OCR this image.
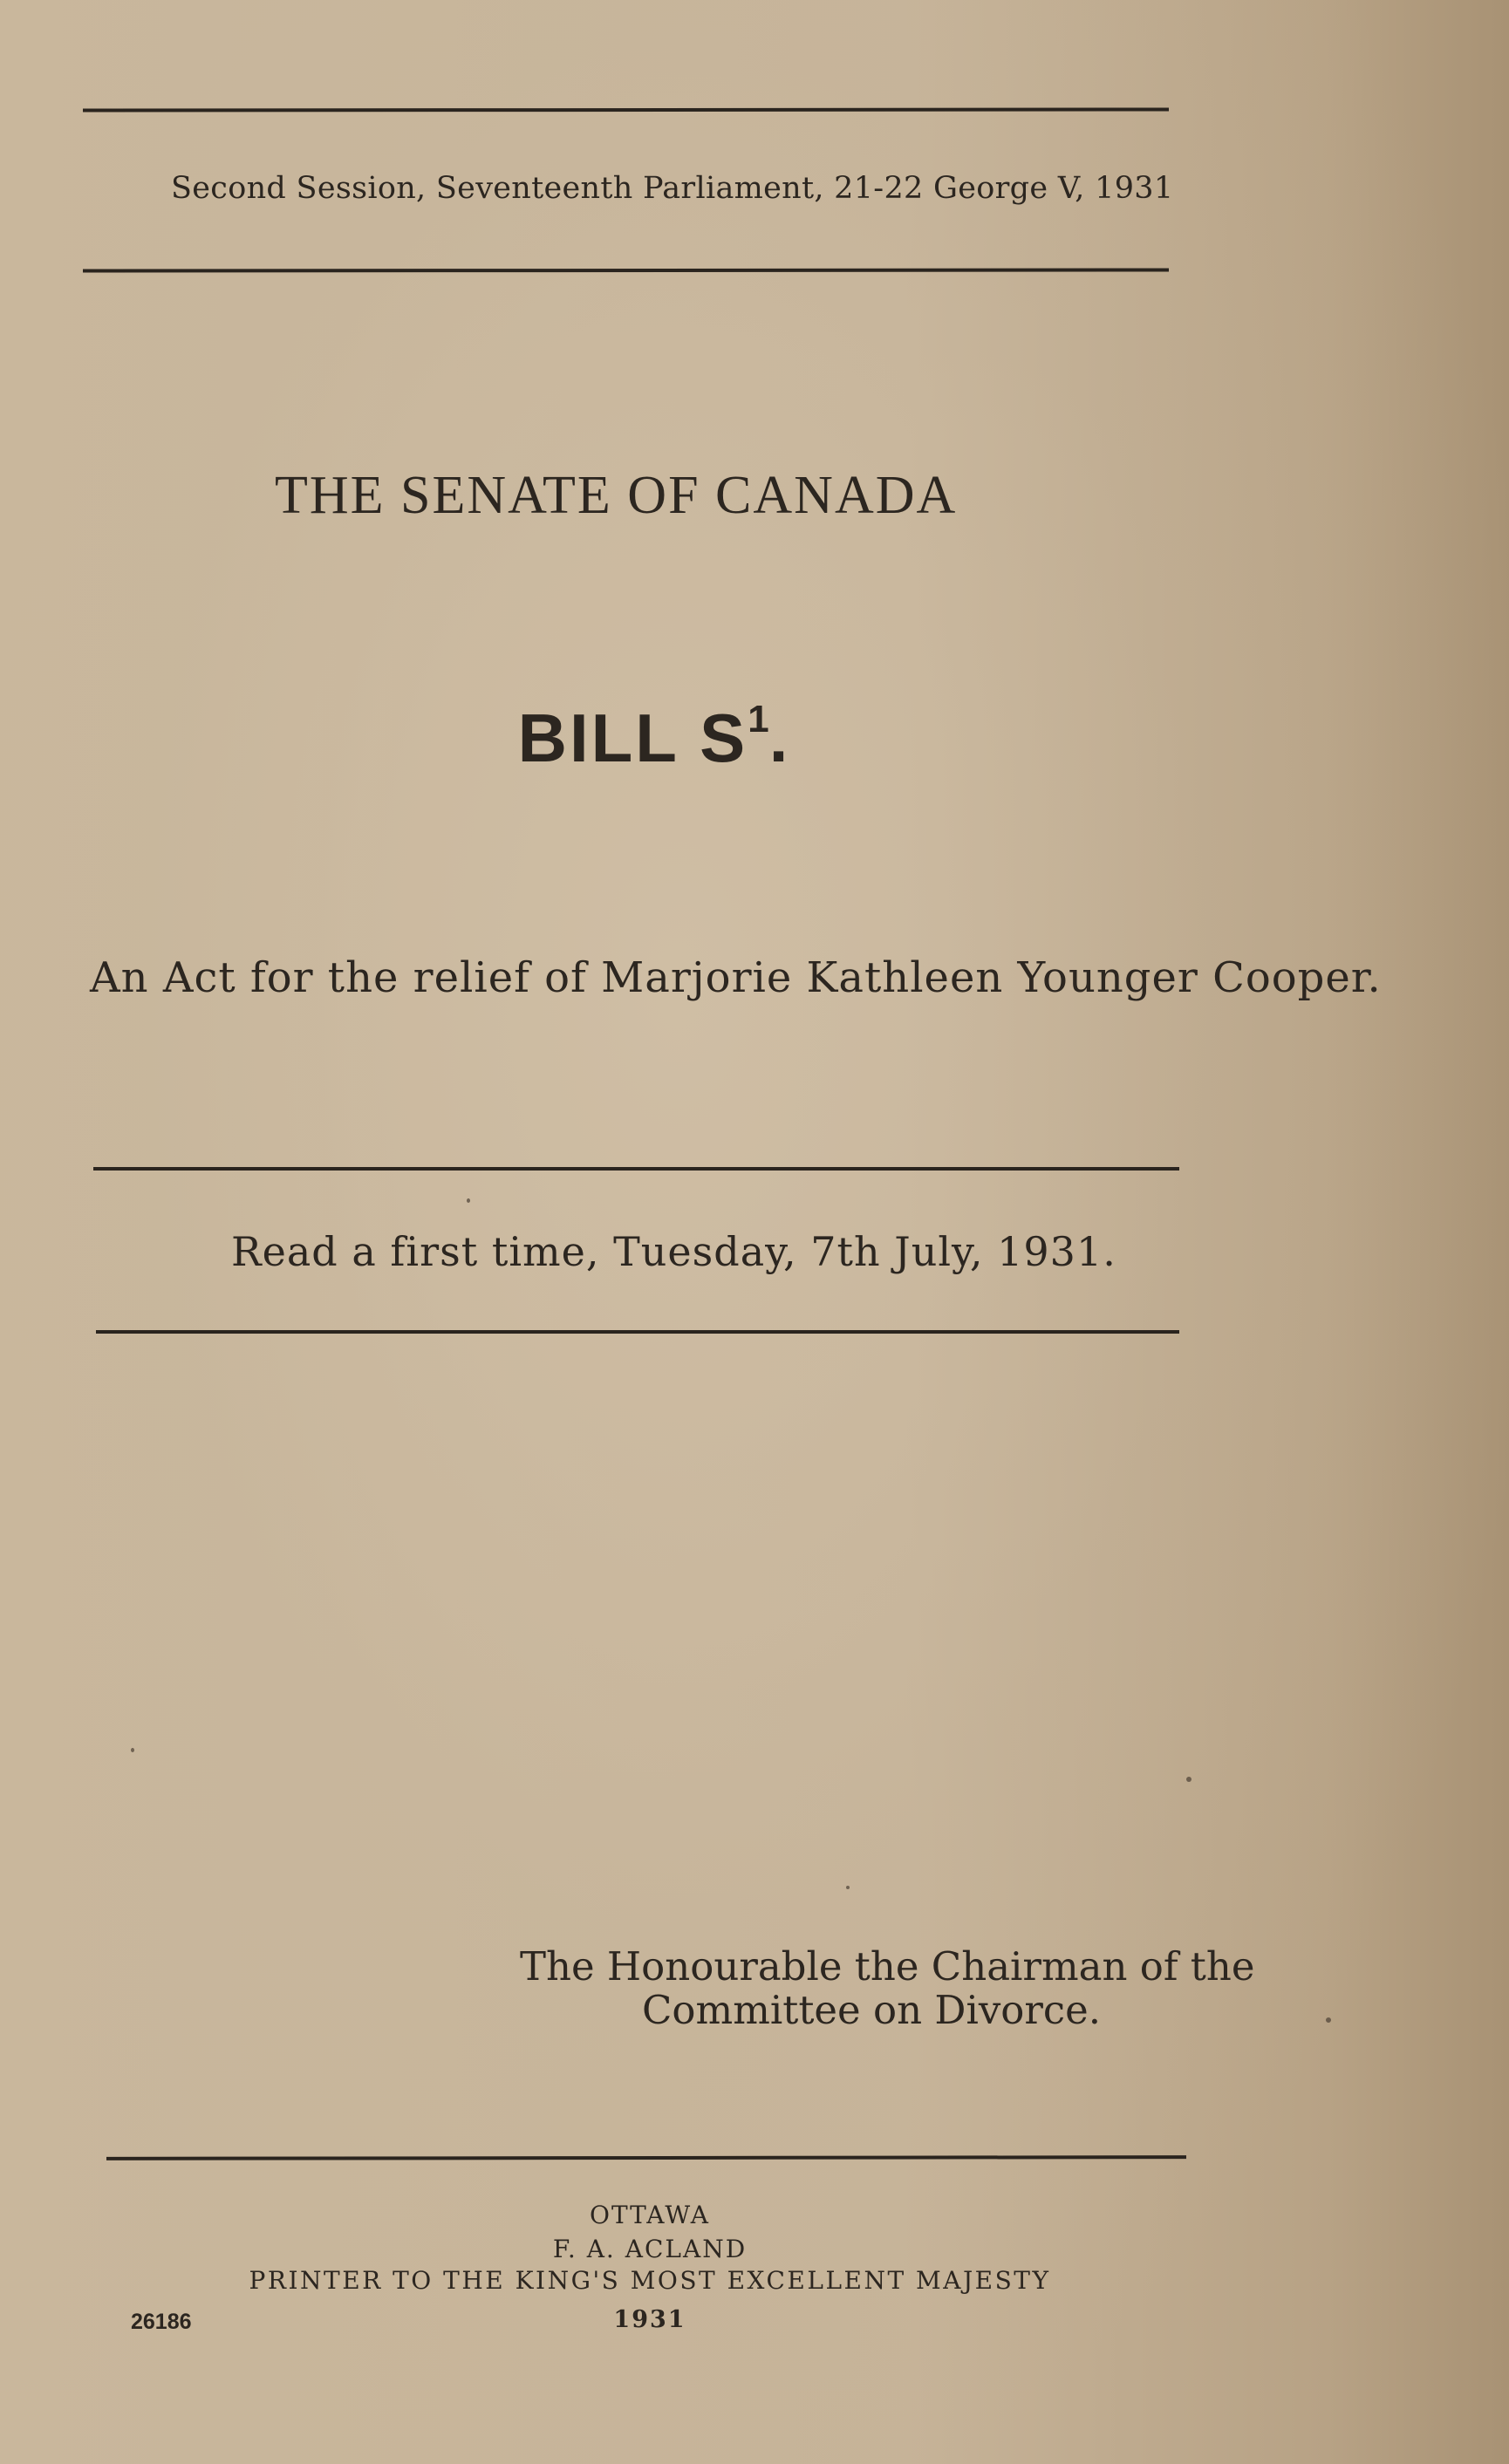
Second Session, Seventeenth Parliament, 21-22 George V, 1931
THE SENATE OF CANADA
BILL $S^1$.
An Act for the relief of Marjorie Kathleen Younger Cooper.
Read a first time, Tuesday, 7th July, 1931.
The Honourable the Chairman of the
Committee on Divorce.
OTTAWA
F. A. ACLAND
PRINTER TO THE KING'S MOST EXCELLENT MAJESTY
1931
26186
